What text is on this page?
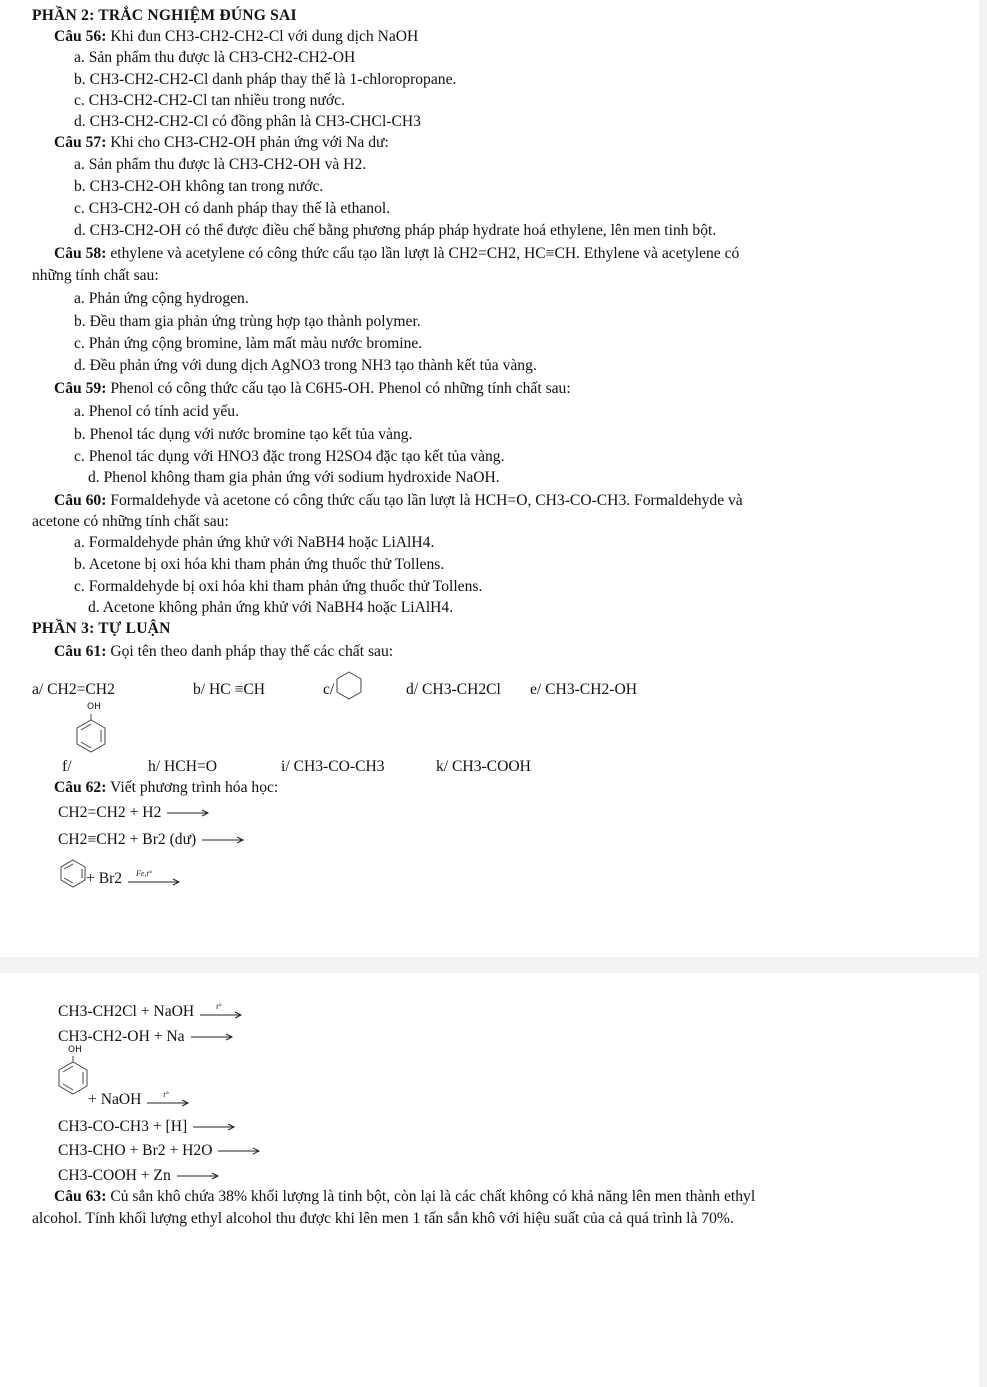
PHẦN 2: TRẮC NGHIỆM ĐÚNG SAI
Câu 56: Khi đun CH3-CH2-CH2-Cl với dung dịch NaOH
a. Sản phẩm thu được là CH3-CH2-CH2-OH
b. CH3-CH2-CH2-Cl danh pháp thay thế là 1-chloropropane.
c. CH3-CH2-CH2-Cl tan nhiều trong nước.
d. CH3-CH2-CH2-Cl có đồng phân là CH3-CHCl-CH3
Câu 57: Khi cho CH3-CH2-OH phản ứng với Na dư:
a. Sản phẩm thu được là CH3-CH2-OH và H2.
b. CH3-CH2-OH không tan trong nước.
c. CH3-CH2-OH có danh pháp thay thế là ethanol.
d. CH3-CH2-OH có thể được điều chế bằng phương pháp pháp hydrate hoá ethylene, lên men tinh bột.
Câu 58: ethylene và acetylene có công thức cấu tạo lần lượt là CH2=CH2, HC≡CH. Ethylene và acetylene có
những tính chất sau:
a. Phản ứng cộng hydrogen.
b. Đều tham gia phản ứng trùng hợp tạo thành polymer.
c. Phản ứng cộng bromine, làm mất màu nước bromine.
d. Đều phản ứng với dung dịch AgNO3 trong NH3 tạo thành kết tủa vàng.
Câu 59: Phenol có công thức cấu tạo là C6H5-OH. Phenol có những tính chất sau:
a. Phenol có tính acid yếu.
b. Phenol tác dụng với nước bromine tạo kết tủa vàng.
c. Phenol tác dụng với HNO3 đặc trong H2SO4 đặc tạo kết tủa vàng.
d. Phenol không tham gia phản ứng với sodium hydroxide NaOH.
Câu 60: Formaldehyde và acetone có công thức cấu tạo lần lượt là HCH=O, CH3-CO-CH3. Formaldehyde và
acetone có những tính chất sau:
a. Formaldehyde phản ứng khử với NaBH4 hoặc LiAlH4.
b. Acetone bị oxi hóa khi tham phản ứng thuốc thử Tollens.
c. Formaldehyde bị oxi hóa khi tham phản ứng thuốc thử Tollens.
d. Acetone không phản ứng khử với NaBH4 hoặc LiAlH4.
PHẦN 3: TỰ LUẬN
Câu 61: Gọi tên theo danh pháp thay thế các chất sau:
a/ CH2=CH2	b/ HC ≡CH	c/	d/ CH3-CH2Cl e/ CH3-CH2-OH
OH
f/	h/ HCH=O	i/ CH3-CO-CH3	k/ CH3-COOH
Câu 62: Viết phương trình hóa học:
CH2=CH2 + H2
CH2≡CH2 + Br2 (dư)
+ Br2 Fe,t°
CH3-CH2Cl + NaOH	t°
CH3-CH2-OH + Na
OH
+ NaOH	t°
CH3-CO-CH3 + [H]
CH3-CHO + Br2 + H2O
CH3-COOH + Zn
Câu 63: Củ sắn khô chứa 38% khối lượng là tinh bột, còn lại là các chất không có khả năng lên men thành ethyl
alcohol. Tính khối lượng ethyl alcohol thu được khi lên men 1 tấn sắn khô với hiệu suất của cả quá trình là 70%.
